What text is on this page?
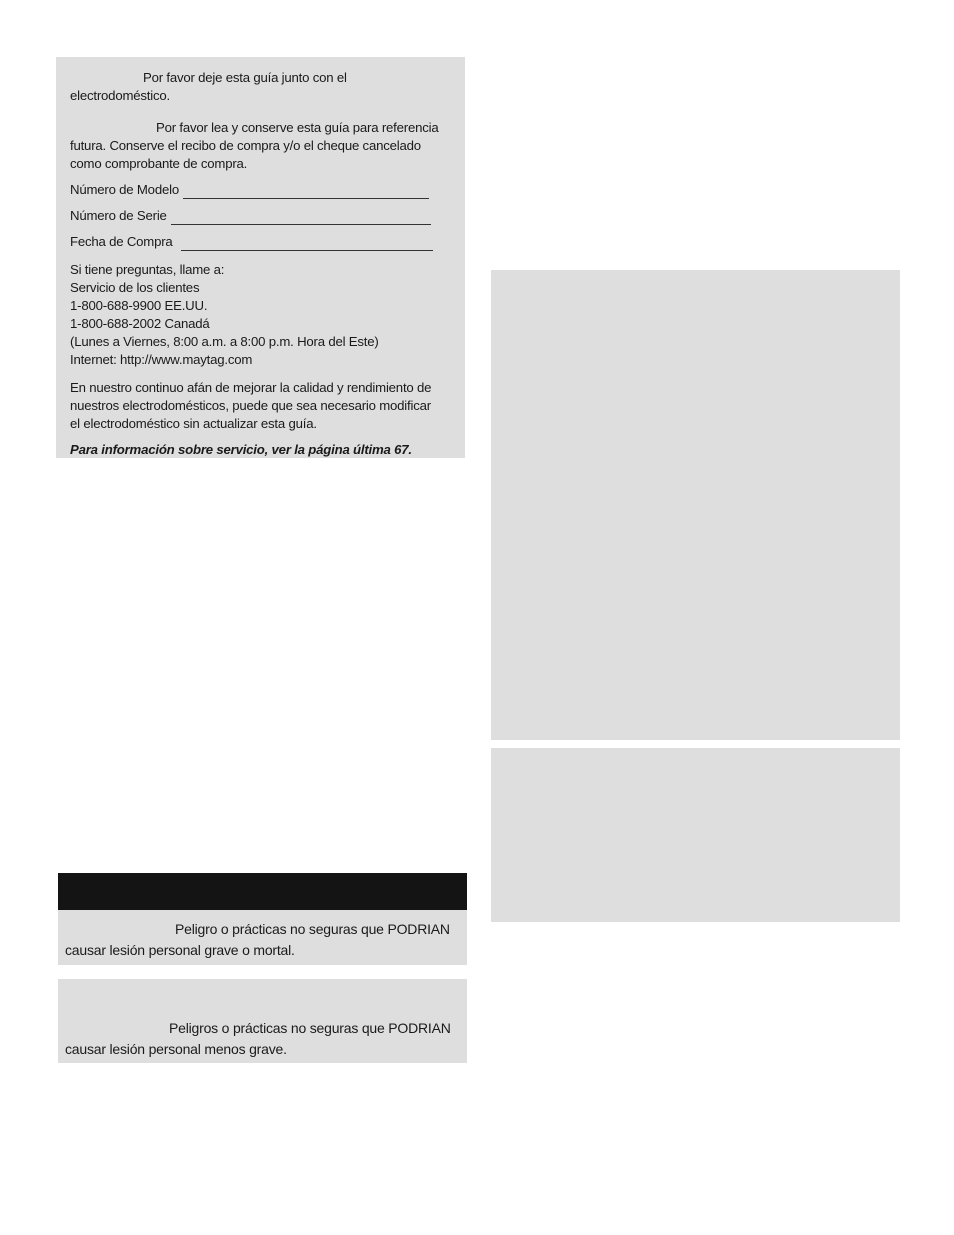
Por favor deje esta guía junto con el
electrodoméstico.

Por favor lea y conserve esta guía para referencia
futura. Conserve el recibo de compra y/o el cheque cancelado
como comprobante de compra.

Número de Modelo
Número de Serie
Fecha de Compra

Si tiene preguntas, llame a:
Servicio de los clientes
1-800-688-9900 EE.UU.
1-800-688-2002 Canadá
(Lunes a Viernes, 8:00 a.m. a 8:00 p.m. Hora del Este)
Internet: http://www.maytag.com

En nuestro continuo afán de mejorar la calidad y rendimiento de
nuestros electrodomésticos, puede que sea necesario modificar
el electrodoméstico sin actualizar esta guía.

Para información sobre servicio, ver la página última 67.

Peligro o prácticas no seguras que PODRIAN
causar lesión personal grave o mortal.
Peligros o prácticas no seguras que PODRIAN
causar lesión personal menos grave.
